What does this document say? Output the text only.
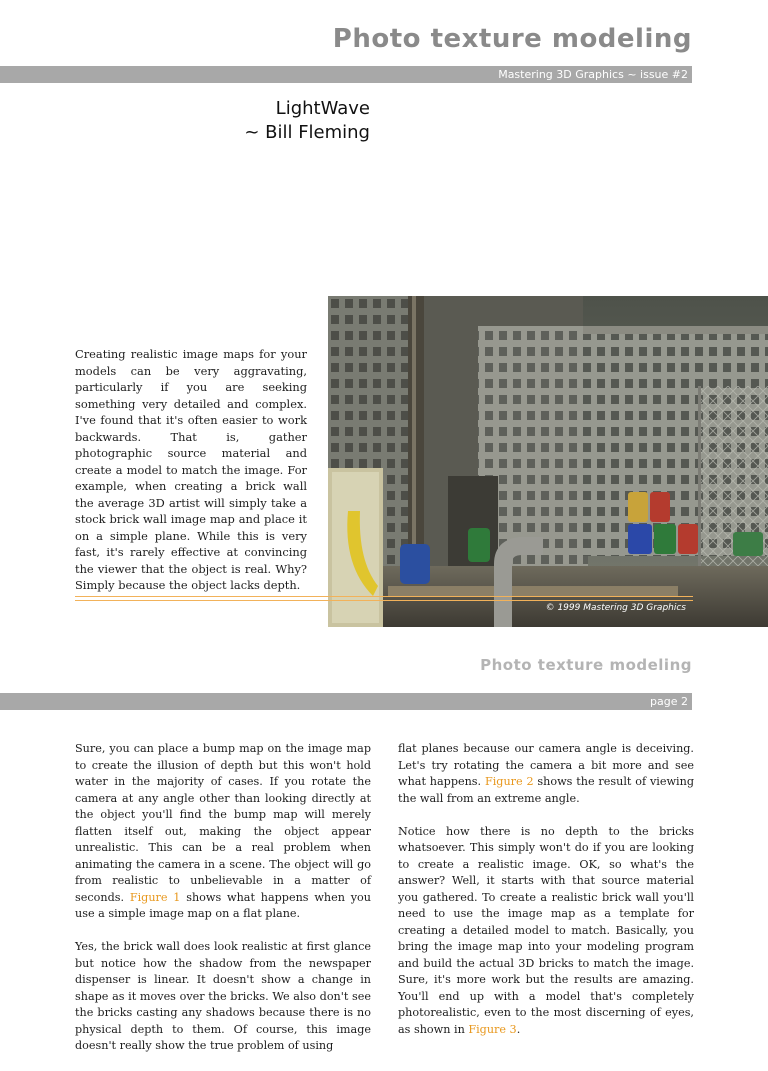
Photo texture modeling
Mastering 3D Graphics ~ issue #2
LightWave
~ Bill Fleming
Creating realistic image maps for your models can be very aggravating, particularly if you are seeking something very detailed and complex. I've found that it's often easier to work backwards. That is, gather photographic source material and create a model to match the image. For example, when creating a brick wall the average 3D artist will simply take a stock brick wall image map and place it on a simple plane. While this is very fast, it's rarely effective at convincing the viewer that the object is real. Why? Simply because the object lacks depth.
© 1999 Mastering 3D Graphics
Photo texture modeling
page 2

Sure, you can place a bump map on the image map to create the illusion of depth but this won't hold water in the majority of cases. If you rotate the camera at any angle other than looking directly at the object you'll find the bump map will merely flatten itself out, making the object appear unrealistic. This can be a real problem when animating the camera in a scene. The object will go from realistic to unbelievable in a matter of seconds. Figure 1 shows what happens when you use a simple image map on a flat plane.

Yes, the brick wall does look realistic at first glance but notice how the shadow from the newspaper dispenser is linear. It doesn't show a change in shape as it moves over the bricks. We also don't see the bricks casting any shadows because there is no physical depth to them. Of course, this image doesn't really show the true problem of using

flat planes because our camera angle is deceiving. Let's try rotating the camera a bit more and see what happens. Figure 2 shows the result of viewing the wall from an extreme angle.

Notice how there is no depth to the bricks whatsoever. This simply won't do if you are looking to create a realistic image. OK, so what's the answer? Well, it starts with that source material you gathered. To create a realistic brick wall you'll need to use the image map as a template for creating a detailed model to match. Basically, you bring the image map into your modeling program and build the actual 3D bricks to match the image. Sure, it's more work but the results are amazing. You'll end up with a model that's completely photorealistic, even to the most discerning of eyes, as shown in Figure 3.
